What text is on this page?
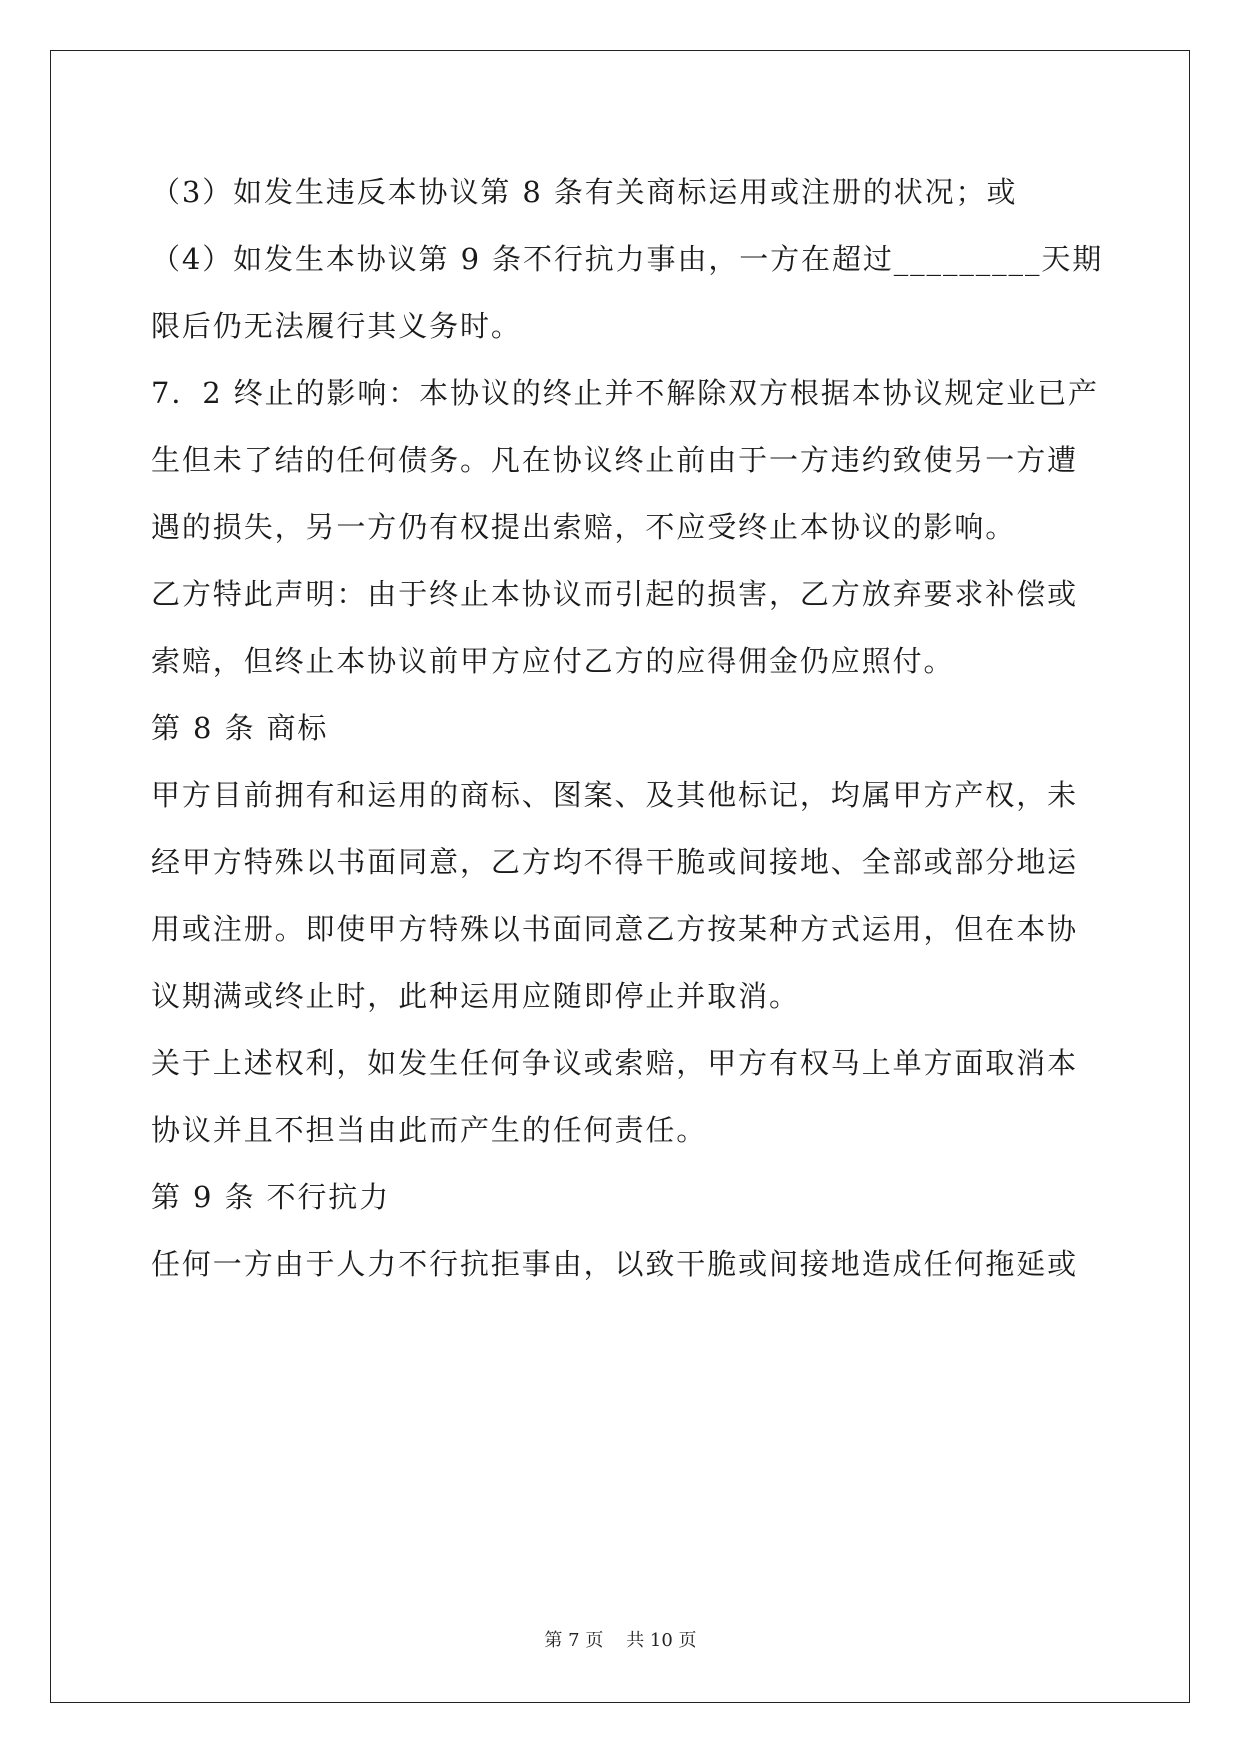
（3）如发生违反本协议第 8 条有关商标运用或注册的状况；或

（4）如发生本协议第 9 条不行抗力事由，一方在超过_________天期

限后仍无法履行其义务时。

7．2 终止的影响：本协议的终止并不解除双方根据本协议规定业已产

生但未了结的任何债务。凡在协议终止前由于一方违约致使另一方遭

遇的损失，另一方仍有权提出索赔，不应受终止本协议的影响。

乙方特此声明：由于终止本协议而引起的损害，乙方放弃要求补偿或

索赔，但终止本协议前甲方应付乙方的应得佣金仍应照付。

第 8 条 商标

甲方目前拥有和运用的商标、图案、及其他标记，均属甲方产权，未

经甲方特殊以书面同意，乙方均不得干脆或间接地、全部或部分地运

用或注册。即使甲方特殊以书面同意乙方按某种方式运用，但在本协

议期满或终止时，此种运用应随即停止并取消。

关于上述权利，如发生任何争议或索赔，甲方有权马上单方面取消本

协议并且不担当由此而产生的任何责任。

第 9 条 不行抗力

任何一方由于人力不行抗拒事由，以致干脆或间接地造成任何拖延或

第 7 页    共 10 页
